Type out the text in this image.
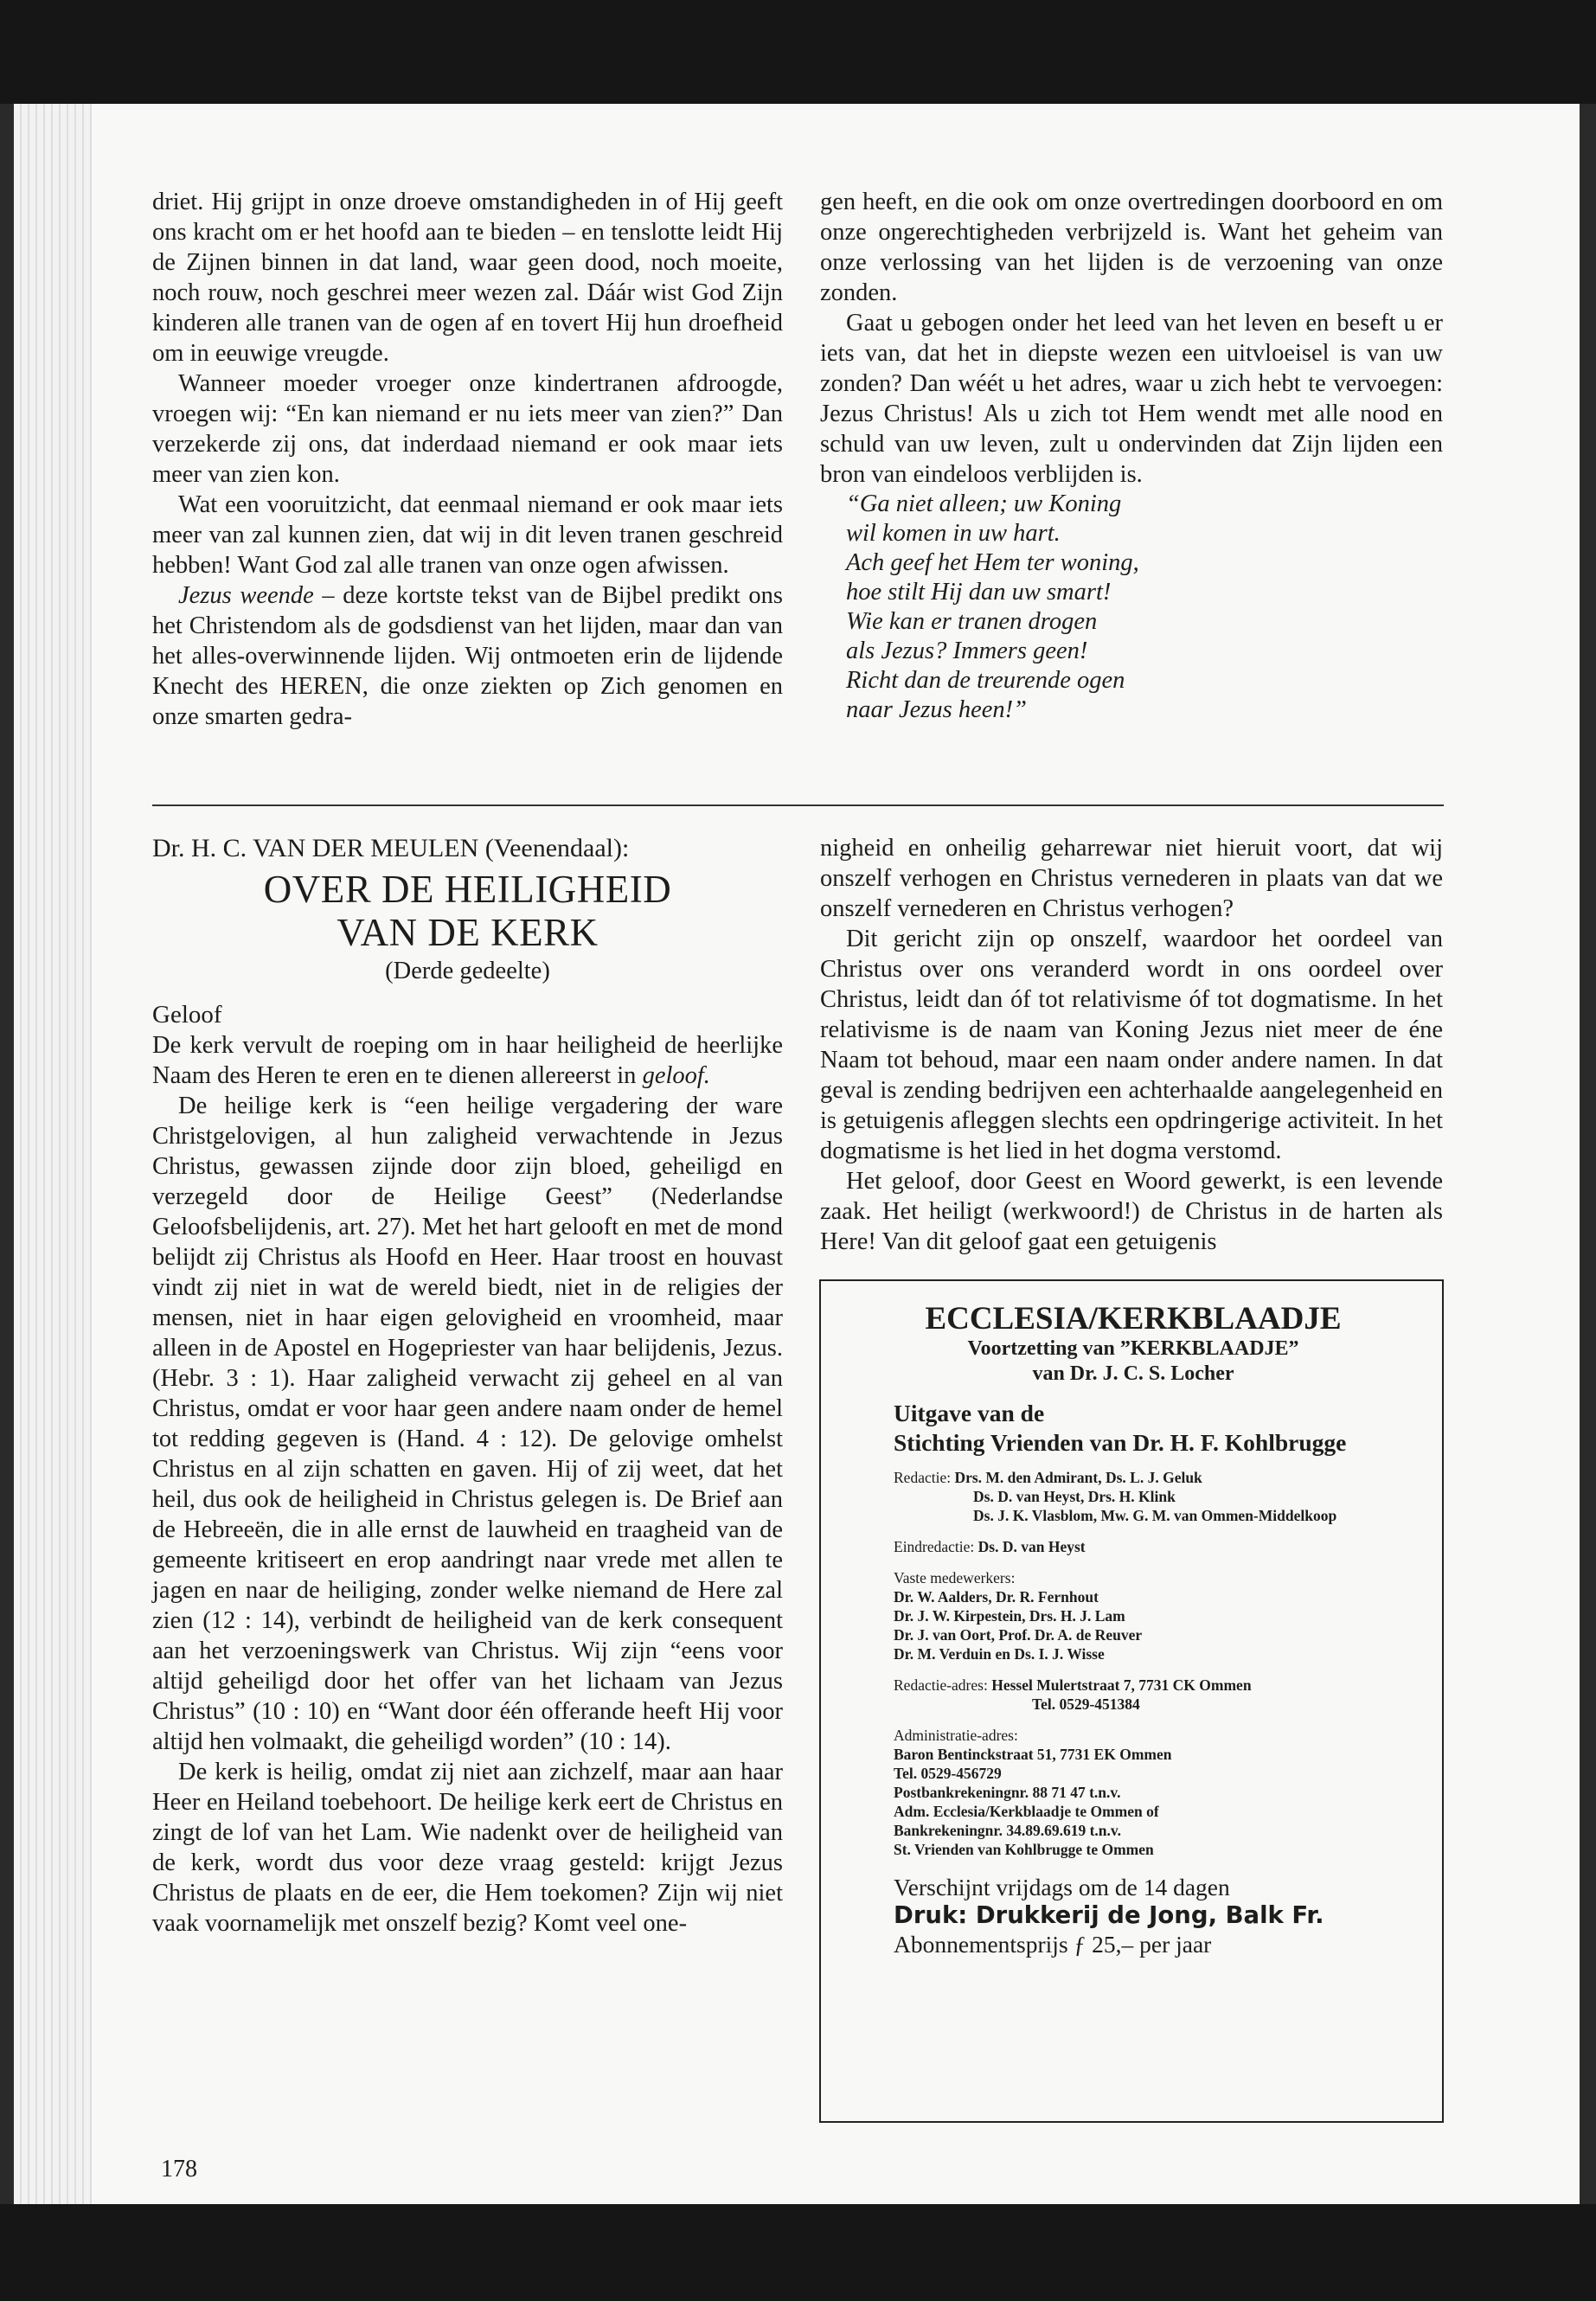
driet. Hij grijpt in onze droeve omstandigheden in of Hij geeft ons kracht om er het hoofd aan te bieden – en tenslotte leidt Hij de Zijnen binnen in dat land, waar geen dood, noch moeite, noch rouw, noch geschrei meer wezen zal. Dáár wist God Zijn kinderen alle tranen van de ogen af en tovert Hij hun droefheid om in eeuwige vreugde.

Wanneer moeder vroeger onze kindertranen afdroogde, vroegen wij: “En kan niemand er nu iets meer van zien?” Dan verzekerde zij ons, dat inderdaad niemand er ook maar iets meer van zien kon.

Wat een vooruitzicht, dat eenmaal niemand er ook maar iets meer van zal kunnen zien, dat wij in dit leven tranen geschreid hebben! Want God zal alle tranen van onze ogen afwissen.

Jezus weende – deze kortste tekst van de Bijbel predikt ons het Christendom als de godsdienst van het lijden, maar dan van het alles-overwinnende lijden. Wij ontmoeten erin de lijdende Knecht des HEREN, die onze ziekten op Zich genomen en onze smarten gedra-

gen heeft, en die ook om onze overtredingen doorboord en om onze ongerechtigheden verbrijzeld is. Want het geheim van onze verlossing van het lijden is de verzoening van onze zonden.

Gaat u gebogen onder het leed van het leven en beseft u er iets van, dat het in diepste wezen een uitvloeisel is van uw zonden? Dan wéét u het adres, waar u zich hebt te vervoegen: Jezus Christus! Als u zich tot Hem wendt met alle nood en schuld van uw leven, zult u ondervinden dat Zijn lijden een bron van eindeloos verblijden is.

“Ga niet alleen; uw Koning
wil komen in uw hart.
Ach geef het Hem ter woning,
hoe stilt Hij dan uw smart!
Wie kan er tranen drogen
als Jezus? Immers geen!
Richt dan de treurende ogen
naar Jezus heen!”
Dr. H. C. VAN DER MEULEN (Veenendaal):
OVER DE HEILIGHEID
VAN DE KERK
(Derde gedeelte)
Geloof

De kerk vervult de roeping om in haar heiligheid de heerlijke Naam des Heren te eren en te dienen allereerst in geloof.

De heilige kerk is “een heilige vergadering der ware Christgelovigen, al hun zaligheid verwachtende in Jezus Christus, gewassen zijnde door zijn bloed, geheiligd en verzegeld door de Heilige Geest” (Nederlandse Geloofsbelijdenis, art. 27). Met het hart gelooft en met de mond belijdt zij Christus als Hoofd en Heer. Haar troost en houvast vindt zij niet in wat de wereld biedt, niet in de religies der mensen, niet in haar eigen gelovigheid en vroomheid, maar alleen in de Apostel en Hogepriester van haar belijdenis, Jezus. (Hebr. 3 : 1). Haar zaligheid verwacht zij geheel en al van Christus, omdat er voor haar geen andere naam onder de hemel tot redding gegeven is (Hand. 4 : 12). De gelovige omhelst Christus en al zijn schatten en gaven. Hij of zij weet, dat het heil, dus ook de heiligheid in Christus gelegen is. De Brief aan de Hebreeën, die in alle ernst de lauwheid en traagheid van de gemeente kritiseert en erop aandringt naar vrede met allen te jagen en naar de heiliging, zonder welke niemand de Here zal zien (12 : 14), verbindt de heiligheid van de kerk consequent aan het verzoeningswerk van Christus. Wij zijn “eens voor altijd geheiligd door het offer van het lichaam van Jezus Christus” (10 : 10) en “Want door één offerande heeft Hij voor altijd hen volmaakt, die geheiligd worden” (10 : 14).

De kerk is heilig, omdat zij niet aan zichzelf, maar aan haar Heer en Heiland toebehoort. De heilige kerk eert de Christus en zingt de lof van het Lam. Wie nadenkt over de heiligheid van de kerk, wordt dus voor deze vraag gesteld: krijgt Jezus Christus de plaats en de eer, die Hem toekomen? Zijn wij niet vaak voornamelijk met onszelf bezig? Komt veel one-

nigheid en onheilig geharrewar niet hieruit voort, dat wij onszelf verhogen en Christus vernederen in plaats van dat we onszelf vernederen en Christus verhogen?

Dit gericht zijn op onszelf, waardoor het oordeel van Christus over ons veranderd wordt in ons oordeel over Christus, leidt dan óf tot relativisme óf tot dogmatisme. In het relativisme is de naam van Koning Jezus niet meer de éne Naam tot behoud, maar een naam onder andere namen. In dat geval is zending bedrijven een achterhaalde aangelegenheid en is getuigenis afleggen slechts een opdringerige activiteit. In het dogmatisme is het lied in het dogma verstomd.

Het geloof, door Geest en Woord gewerkt, is een levende zaak. Het heiligt (werkwoord!) de Christus in de harten als Here! Van dit geloof gaat een getuigenis

ECCLESIA/KERKBLAADJE
Voortzetting van ”KERKBLAADJE”
van Dr. J. C. S. Locher
Uitgave van de
Stichting Vrienden van Dr. H. F. Kohlbrugge
Redactie: Drs. M. den Admirant, Ds. L. J. Geluk
Ds. D. van Heyst, Drs. H. Klink
Ds. J. K. Vlasblom, Mw. G. M. van Ommen-Middelkoop
Eindredactie: Ds. D. van Heyst
Vaste medewerkers:
Dr. W. Aalders, Dr. R. Fernhout
Dr. J. W. Kirpestein, Drs. H. J. Lam
Dr. J. van Oort, Prof. Dr. A. de Reuver
Dr. M. Verduin en Ds. I. J. Wisse
Redactie-adres: Hessel Mulertstraat 7, 7731 CK Ommen
Tel. 0529-451384
Administratie-adres:
Baron Bentinckstraat 51, 7731 EK Ommen
Tel. 0529-456729
Postbankrekeningnr. 88 71 47 t.n.v.
Adm. Ecclesia/Kerkblaadje te Ommen of
Bankrekeningnr. 34.89.69.619 t.n.v.
St. Vrienden van Kohlbrugge te Ommen
Verschijnt vrijdags om de 14 dagen
Druk: Drukkerij de Jong, Balk Fr.
Abonnementsprijs ƒ 25,– per jaar
178
